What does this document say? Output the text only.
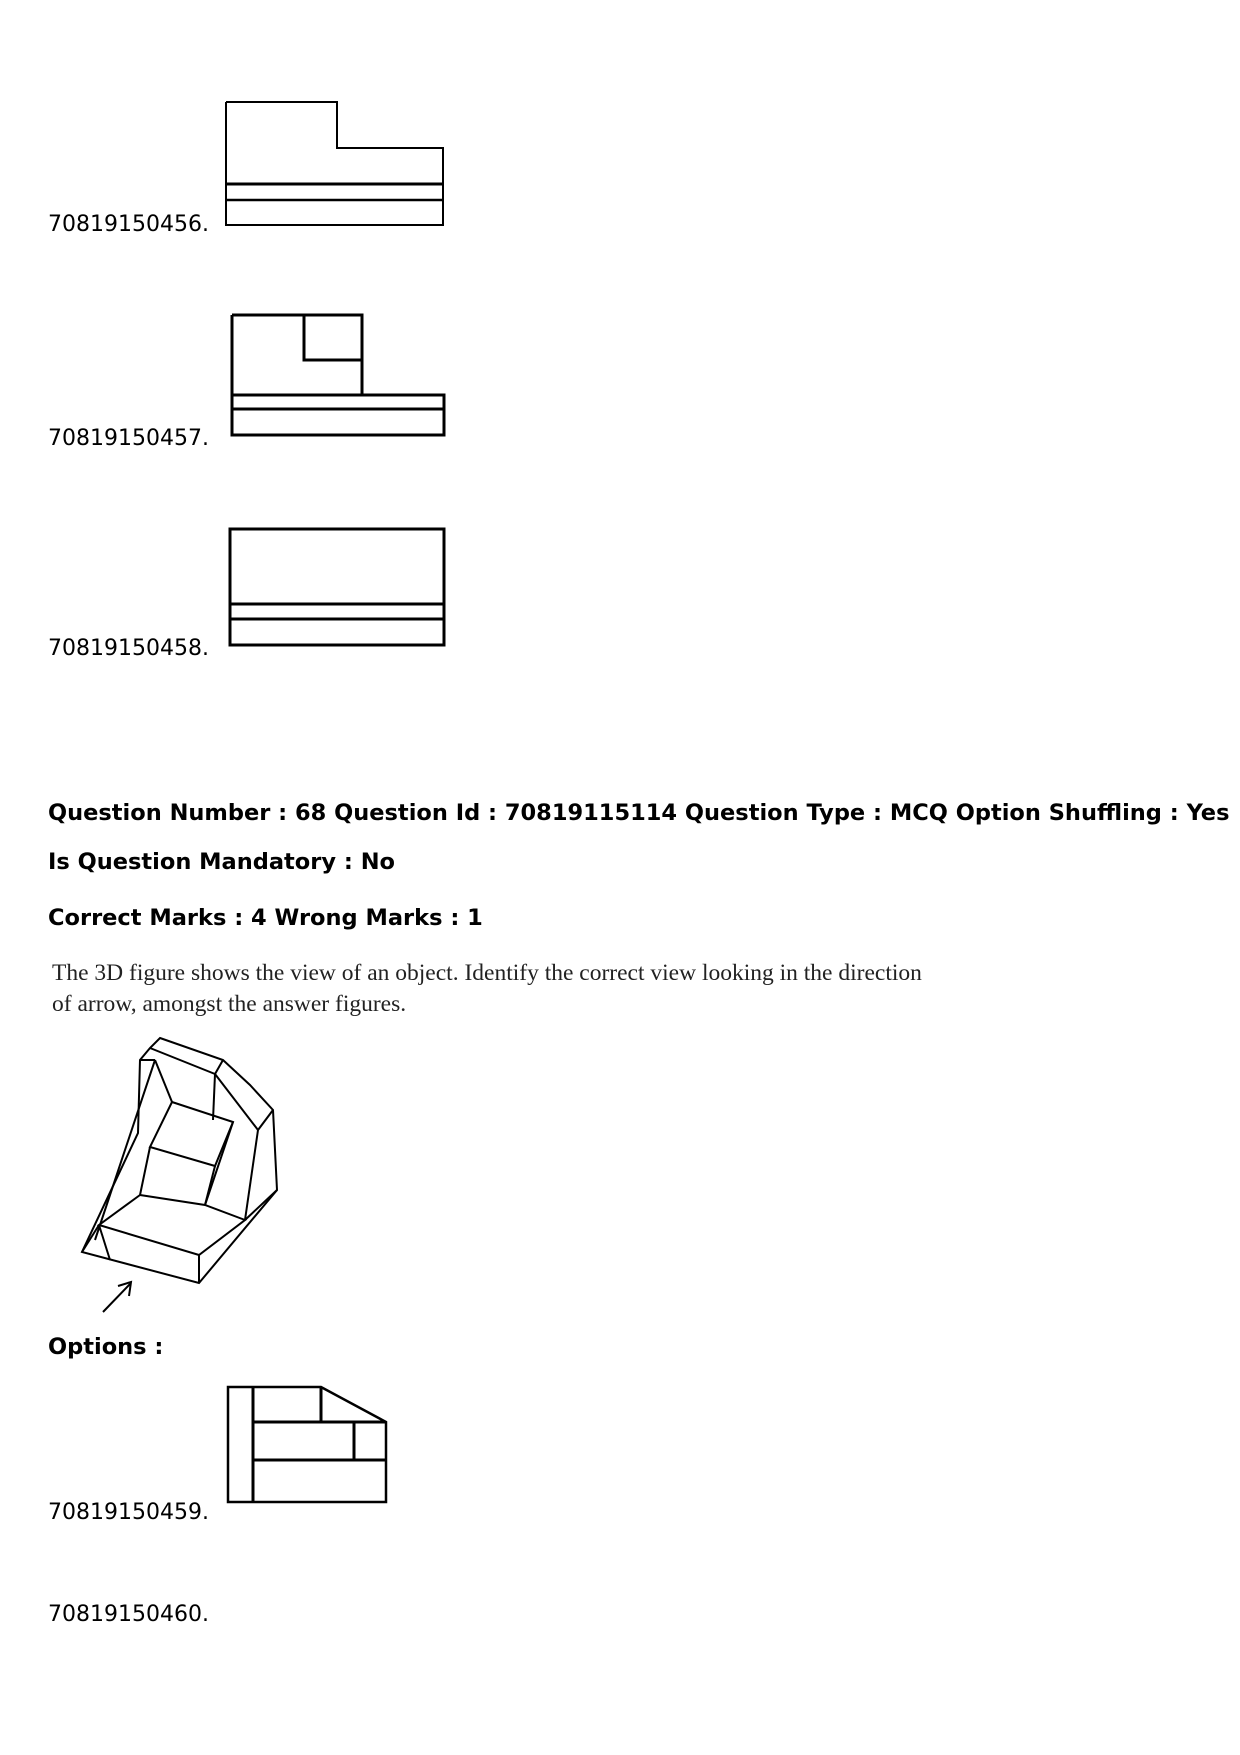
70819150456.
70819150457.
70819150458.
Question Number : 68 Question Id : 70819115114 Question Type : MCQ Option Shuffling : Yes
Is Question Mandatory : No
Correct Marks : 4 Wrong Marks : 1
The 3D figure shows the view of an object. Identify the correct view looking in the direction
of arrow, amongst the answer figures.
Options :
70819150459.
70819150460.
